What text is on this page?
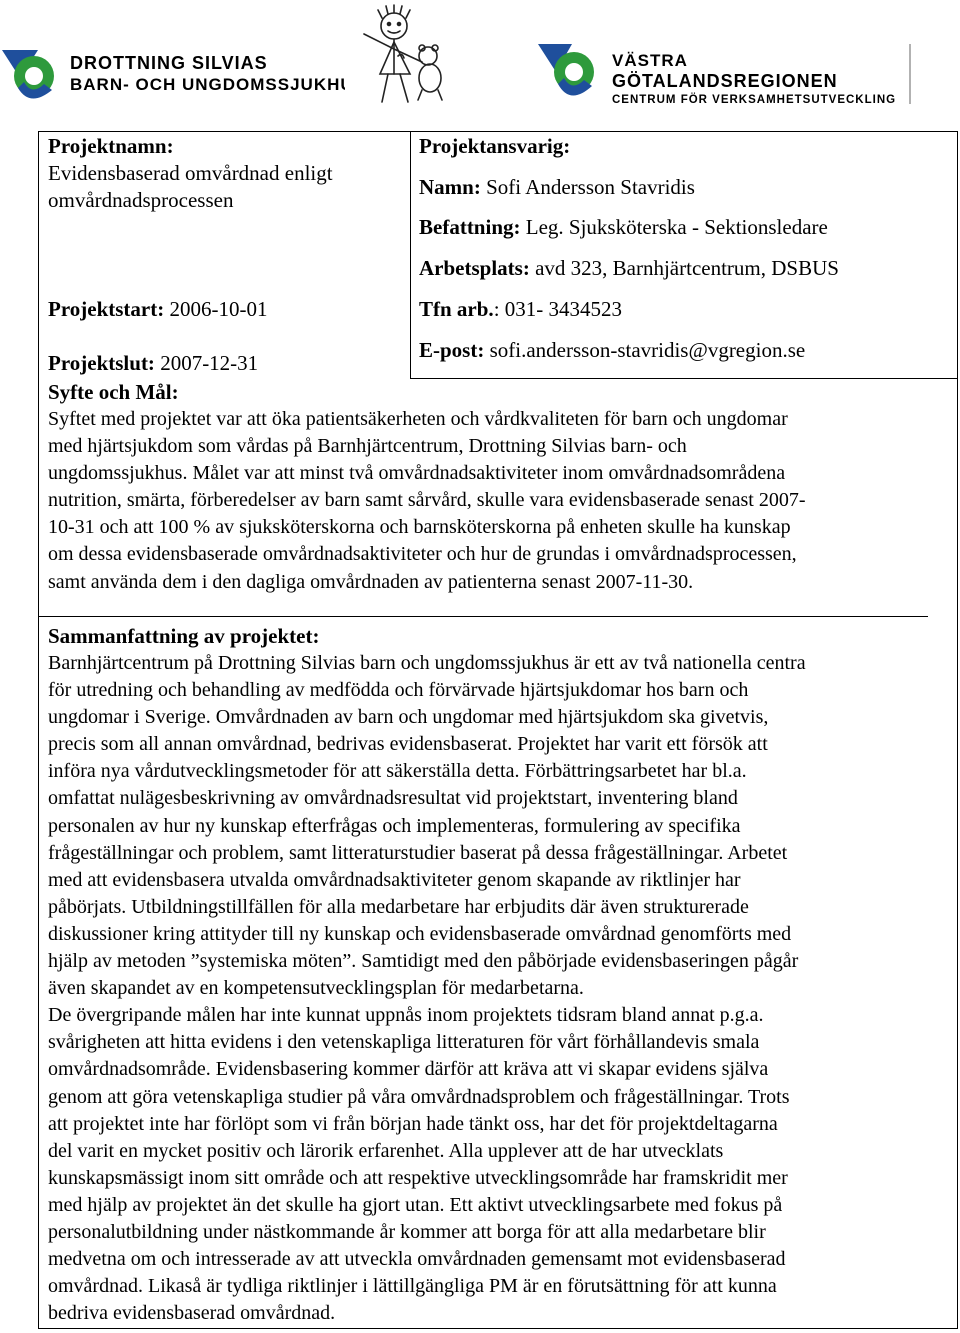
DROTTNING SILVIAS
BARN- OCH UNGDOMSSJUKHUS
VÄSTRA
GÖTALANDSREGIONEN
CENTRUM FÖR VERKSAMHETSUTVECKLING
Projektnamn:
Evidensbaserad omvårdnad enligt
omvårdnadsprocessen
Projektstart: 2006-10-01
Projektslut: 2007-12-31
Projektansvarig:
Namn: Sofi Andersson Stavridis
Befattning: Leg. Sjuksköterska - Sektionsledare
Arbetsplats: avd 323, Barnhjärtcentrum, DSBUS
Tfn arb.: 031- 3434523
E-post: sofi.andersson-stavridis@vgregion.se
Syfte och Mål:
Syftet med projektet var att öka patientsäkerheten och vårdkvaliteten för barn och ungdomar
med hjärtsjukdom som vårdas på Barnhjärtcentrum, Drottning Silvias barn- och
ungdomssjukhus. Målet var att minst två omvårdnadsaktiviteter inom omvårdnadsområdena
nutrition, smärta, förberedelser av barn samt sårvård, skulle vara evidensbaserade senast 2007-
10-31 och att 100 % av sjuksköterskorna och barnsköterskorna på enheten skulle ha kunskap
om dessa evidensbaserade omvårdnadsaktiviteter och hur de grundas i omvårdnadsprocessen,
samt använda dem i den dagliga omvårdnaden av patienterna senast 2007-11-30.
Sammanfattning av projektet:
Barnhjärtcentrum på Drottning Silvias barn och ungdomssjukhus är ett av två nationella centra
för utredning och behandling av medfödda och förvärvade hjärtsjukdomar hos barn och
ungdomar i Sverige. Omvårdnaden av barn och ungdomar med hjärtsjukdom ska givetvis,
precis som all annan omvårdnad, bedrivas evidensbaserat. Projektet har varit ett försök att
införa nya vårdutvecklingsmetoder för att säkerställa detta. Förbättringsarbetet har bl.a.
omfattat nulägesbeskrivning av omvårdnadsresultat vid projektstart, inventering bland
personalen av hur ny kunskap efterfrågas och implementeras, formulering av specifika
frågeställningar och problem, samt litteraturstudier baserat på dessa frågeställningar. Arbetet
med att evidensbasera utvalda omvårdnadsaktiviteter genom skapande av riktlinjer har
påbörjats. Utbildningstillfällen för alla medarbetare har erbjudits där även strukturerade
diskussioner kring attityder till ny kunskap och evidensbaserade omvårdnad genomförts med
hjälp av metoden ”systemiska möten”. Samtidigt med den påbörjade evidensbaseringen pågår
även skapandet av en kompetensutvecklingsplan för medarbetarna.
De övergripande målen har inte kunnat uppnås inom projektets tidsram bland annat p.g.a.
svårigheten att hitta evidens i den vetenskapliga litteraturen för vårt förhållandevis smala
omvårdnadsområde. Evidensbasering kommer därför att kräva att vi skapar evidens själva
genom att göra vetenskapliga studier på våra omvårdnadsproblem och frågeställningar. Trots
att projektet inte har förlöpt som vi från början hade tänkt oss, har det för projektdeltagarna
del varit en mycket positiv och lärorik erfarenhet. Alla upplever att de har utvecklats
kunskapsmässigt inom sitt område och att respektive utvecklingsområde har framskridit mer
med hjälp av projektet än det skulle ha gjort utan. Ett aktivt utvecklingsarbete med fokus på
personalutbildning under nästkommande år kommer att borga för att alla medarbetare blir
medvetna om och intresserade av att utveckla omvårdnaden gemensamt mot evidensbaserad
omvårdnad. Likaså är tydliga riktlinjer i lättillgängliga PM är en förutsättning för att kunna
bedriva evidensbaserad omvårdnad.
